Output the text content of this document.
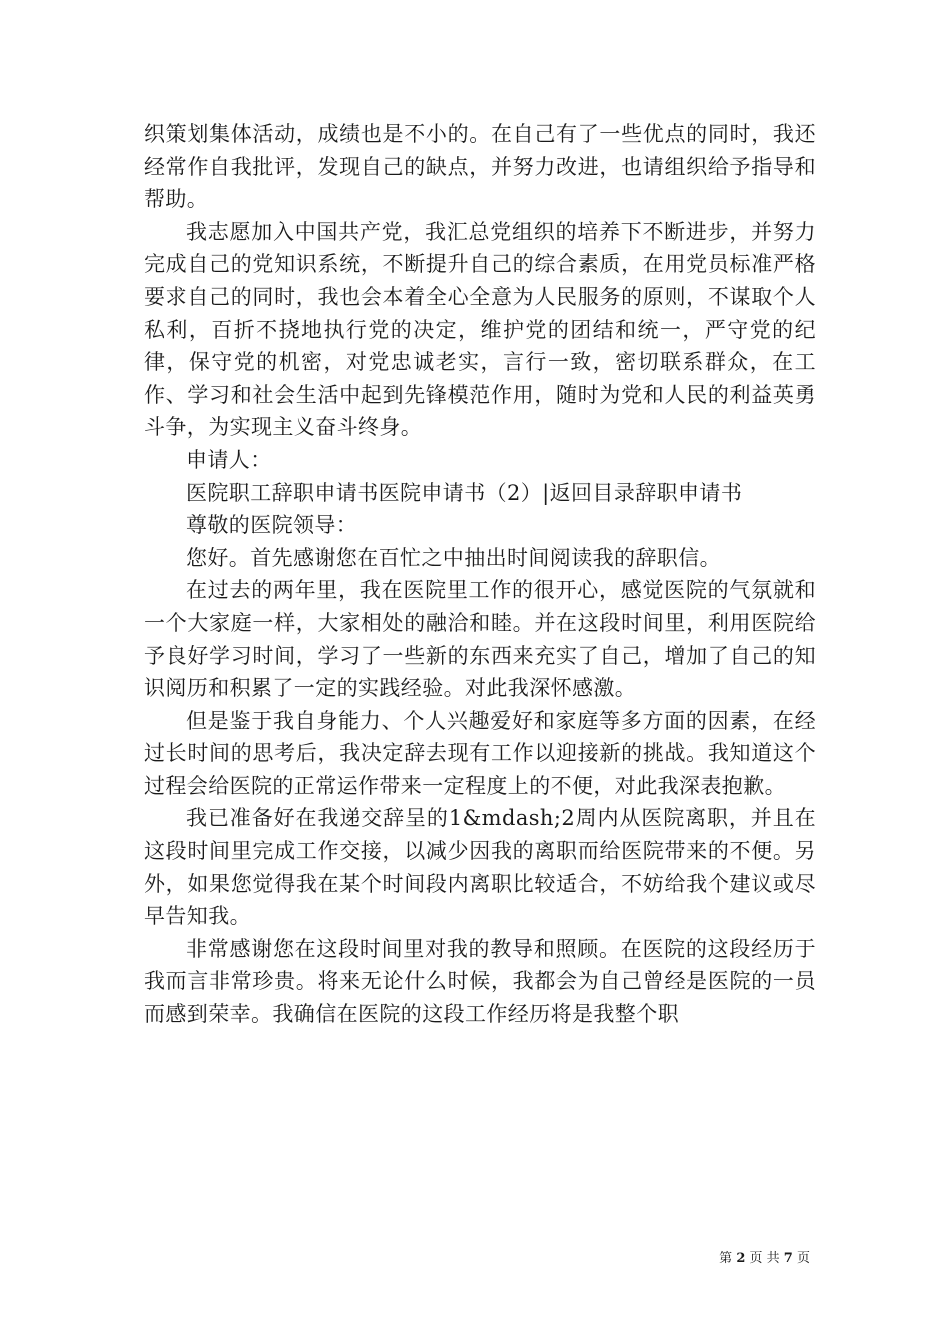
织策划集体活动，成绩也是不小的。在自己有了一些优点的同时，我还经常作自我批评，发现自己的缺点，并努力改进，也请组织给予指导和帮助。

我志愿加入中国共产党，我汇总党组织的培养下不断进步，并努力完成自己的党知识系统，不断提升自己的综合素质，在用党员标准严格要求自己的同时，我也会本着全心全意为人民服务的原则，不谋取个人私利，百折不挠地执行党的决定，维护党的团结和统一，严守党的纪律，保守党的机密，对党忠诚老实，言行一致，密切联系群众，在工作、学习和社会生活中起到先锋模范作用，随时为党和人民的利益英勇斗争，为实现主义奋斗终身。

申请人：

医院职工辞职申请书医院申请书（2）|返回目录辞职申请书

尊敬的医院领导：

您好。首先感谢您在百忙之中抽出时间阅读我的辞职信。

在过去的两年里，我在医院里工作的很开心，感觉医院的气氛就和一个大家庭一样，大家相处的融洽和睦。并在这段时间里，利用医院给予良好学习时间，学习了一些新的东西来充实了自己，增加了自己的知识阅历和积累了一定的实践经验。对此我深怀感激。

但是鉴于我自身能力、个人兴趣爱好和家庭等多方面的因素，在经过长时间的思考后，我决定辞去现有工作以迎接新的挑战。我知道这个过程会给医院的正常运作带来一定程度上的不便，对此我深表抱歉。

我已准备好在我递交辞呈的1&mdash;2周内从医院离职，并且在这段时间里完成工作交接，以减少因我的离职而给医院带来的不便。另外，如果您觉得我在某个时间段内离职比较适合，不妨给我个建议或尽早告知我。

非常感谢您在这段时间里对我的教导和照顾。在医院的这段经历于我而言非常珍贵。将来无论什么时候，我都会为自己曾经是医院的一员而感到荣幸。我确信在医院的这段工作经历将是我整个职

第 2 页 共 7 页
